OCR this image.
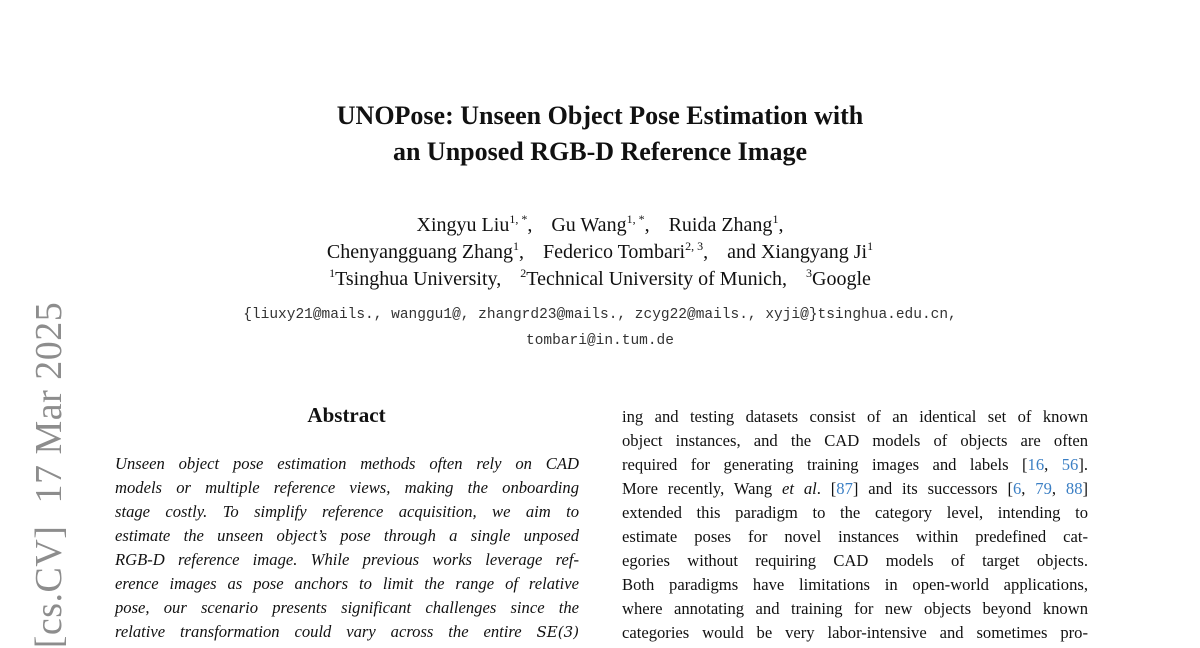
[cs.CV]17 Mar 2025
UNOPose: Unseen Object Pose Estimation with
an Unposed RGB-D Reference Image
Xingyu Liu$^{1, *}$, Gu Wang$^{1, *}$, Ruida Zhang$^1$,
Chenyangguang Zhang$^1$, Federico Tombari$^{2, 3}$, and Xiangyang Ji$^1$
$^1$Tsinghua University, $^2$Technical University of Munich, $^3$Google
{liuxy21@mails., wanggu1@, zhangrd23@mails., zcyg22@mails., xyji@}tsinghua.edu.cn,
tombari@in.tum.de
Abstract
Unseen object pose estimation methods often rely on CAD
models or multiple reference views, making the onboarding
stage costly. To simplify reference acquisition, we aim to
estimate the unseen object’s pose through a single unposed
RGB-D reference image. While previous works leverage ref-
erence images as pose anchors to limit the range of relative
pose, our scenario presents significant challenges since the
relative transformation could vary across the entire SE(3)
ing and testing datasets consist of an identical set of known
object instances, and the CAD models of objects are often
required for generating training images and labels [16, 56].
More recently, Wang et al. [87] and its successors [6, 79, 88]
extended this paradigm to the category level, intending to
estimate poses for novel instances within predefined cat-
egories without requiring CAD models of target objects.
Both paradigms have limitations in open-world applications,
where annotating and training for new objects beyond known
categories would be very labor-intensive and sometimes pro-
